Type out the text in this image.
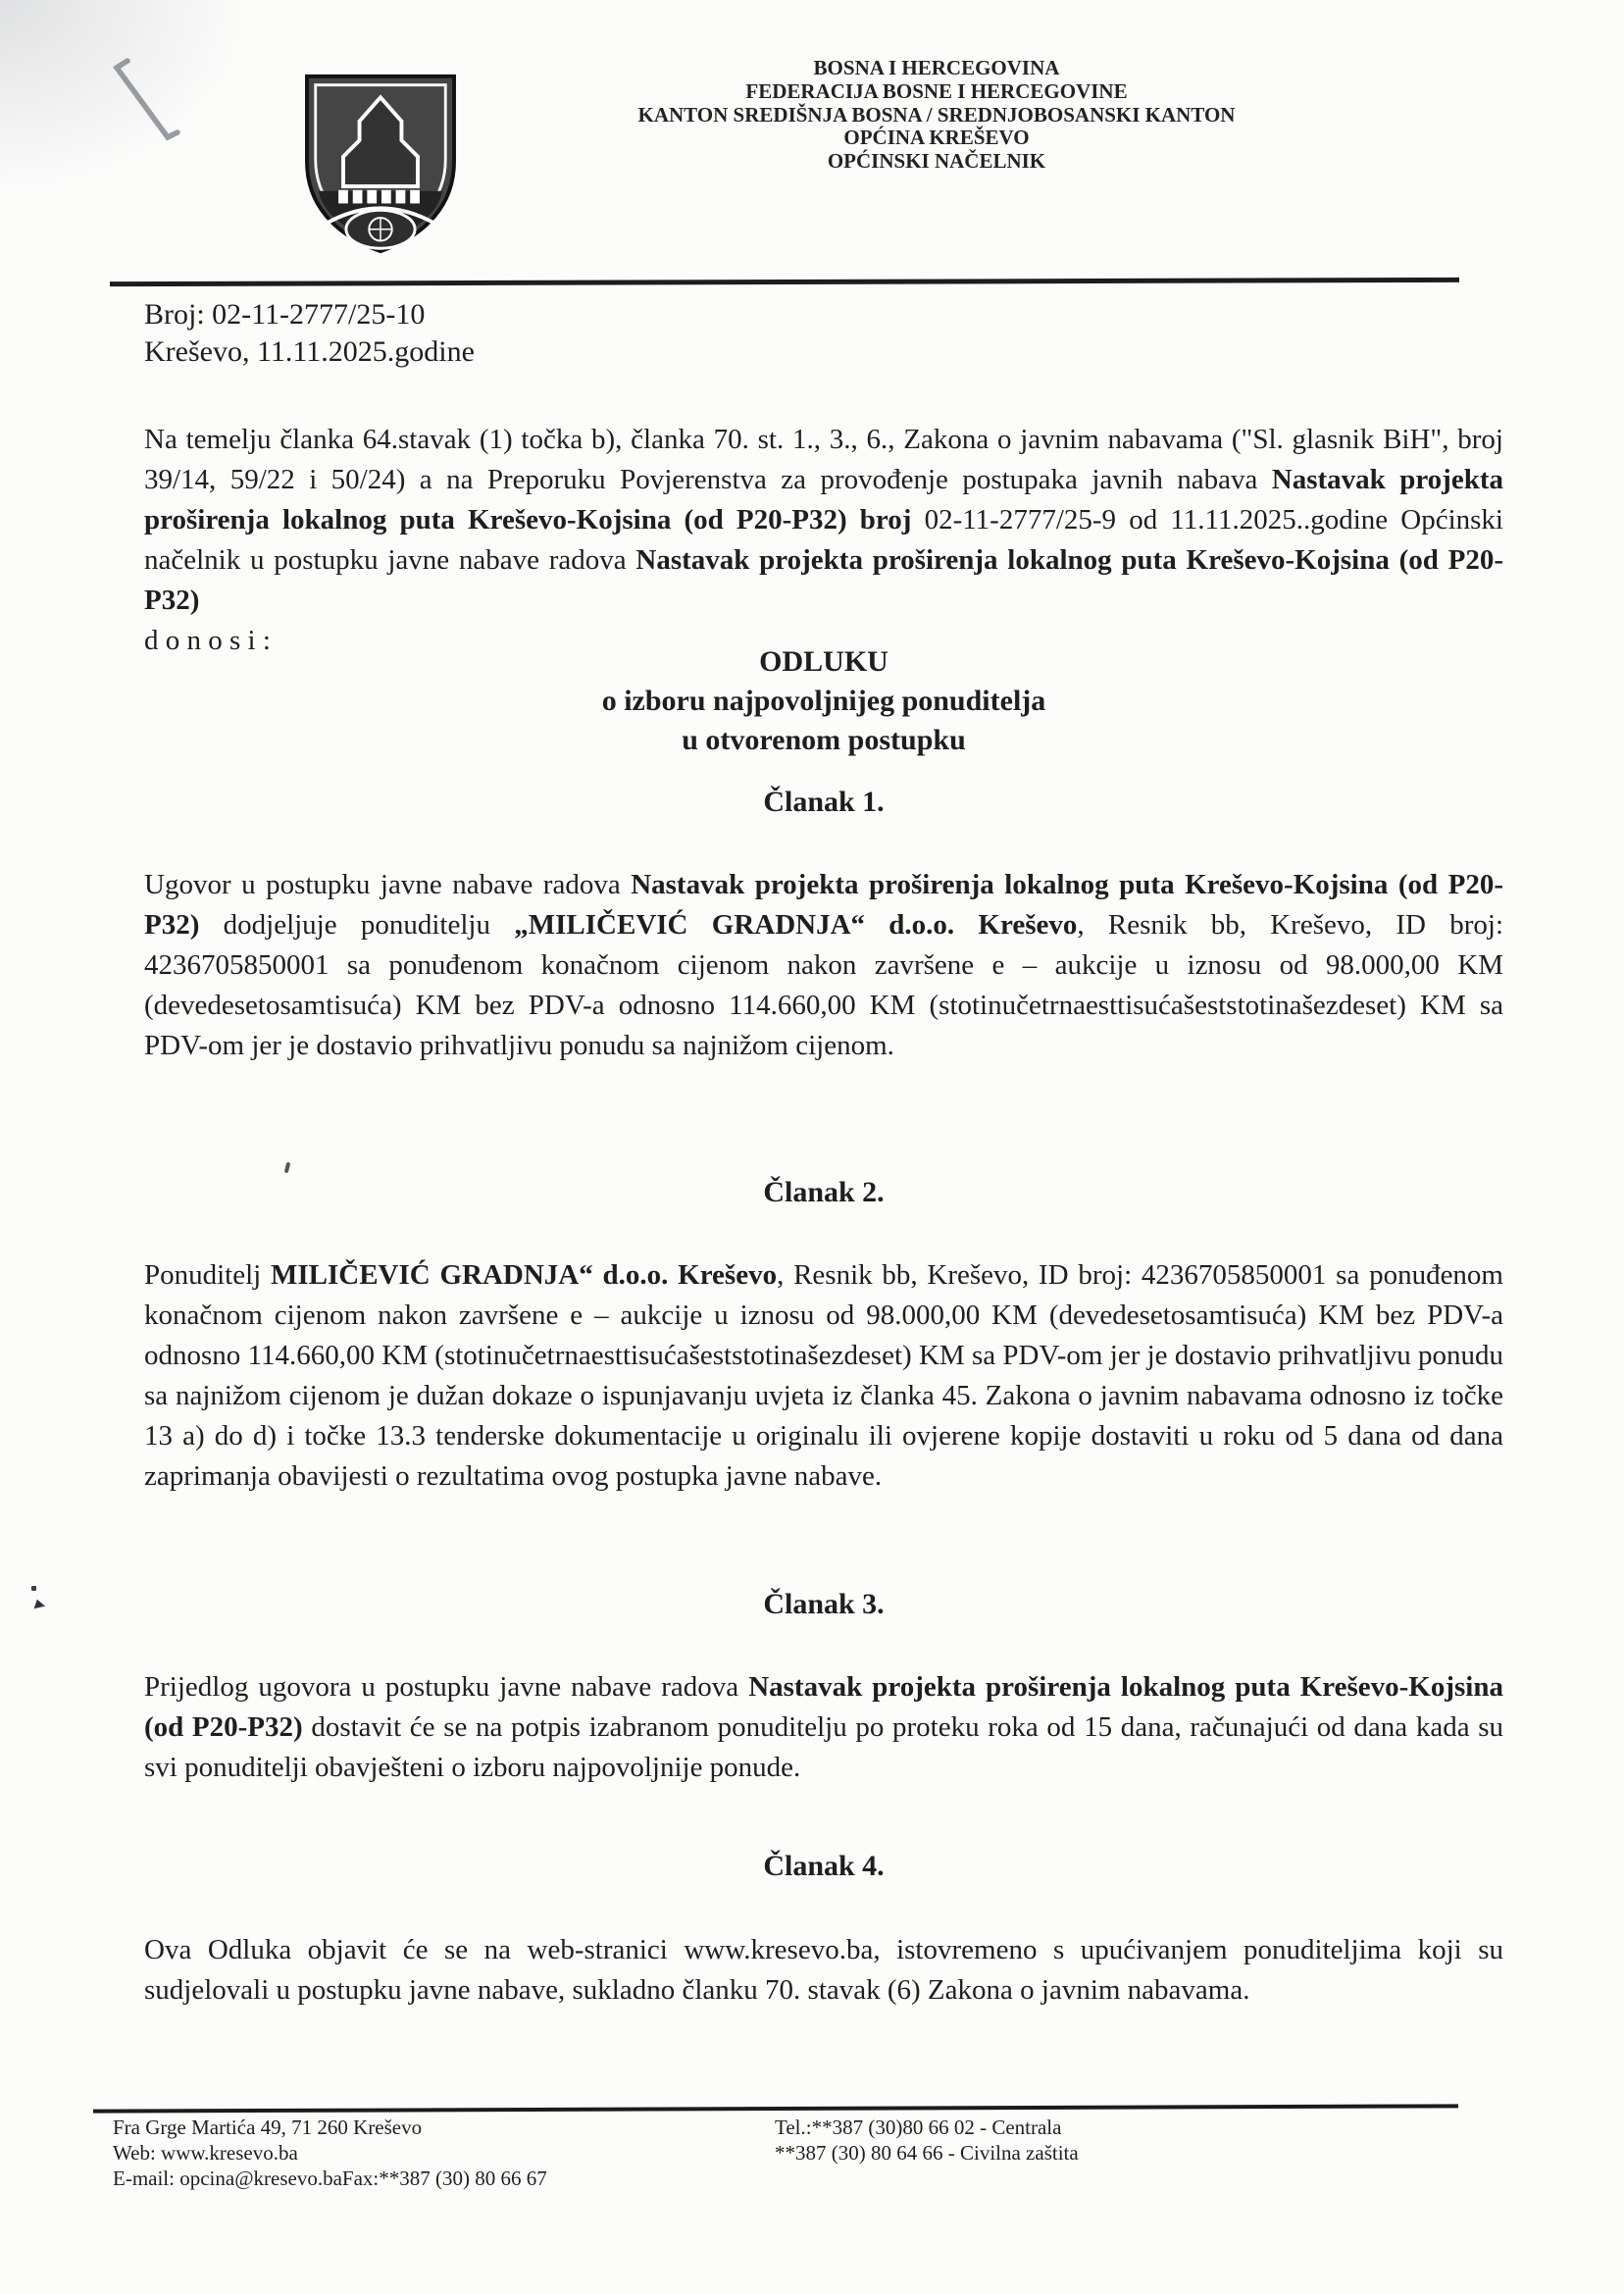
BOSNA I HERCEGOVINA
FEDERACIJA BOSNE I HERCEGOVINE
KANTON SREDIŠNJA BOSNA / SREDNJOBOSANSKI KANTON
OPĆINA KREŠEVO
OPĆINSKI NAČELNIK
Broj: 02-11-2777/25-10
Kreševo, 11.11.2025.godine

Na temelju članka 64.stavak (1) točka b), članka 70. st. 1., 3., 6., Zakona o javnim nabavama ("Sl. glasnik BiH", broj 39/14, 59/22 i 50/24) a na Preporuku Povjerenstva za provođenje postupaka javnih nabava Nastavak projekta proširenja lokalnog puta Kreševo-Kojsina (od P20-P32) broj 02-11-2777/25-9 od 11.11.2025..godine Općinski načelnik u postupku javne nabave radova Nastavak projekta proširenja lokalnog puta Kreševo-Kojsina (od P20-P32)

d o n o s i :
ODLUKU
o izboru najpovoljnijeg ponuditelja
u otvorenom postupku
Članak 1.

Ugovor u postupku javne nabave radova Nastavak projekta proširenja lokalnog puta Kreševo-Kojsina (od P20-P32) dodjeljuje ponuditelju „MILIČEVIĆ GRADNJA“ d.o.o. Kreševo, Resnik bb, Kreševo, ID broj: 4236705850001 sa ponuđenom konačnom cijenom nakon završene e – aukcije u iznosu od 98.000,00 KM (devedesetosamtisuća) KM bez PDV-a odnosno 114.660,00 KM (stotinučetrnaesttisućašeststotinašezdeset) KM sa PDV-om jer je dostavio prihvatljivu ponudu sa najnižom cijenom.

Članak 2.

Ponuditelj MILIČEVIĆ GRADNJA“ d.o.o. Kreševo, Resnik bb, Kreševo, ID broj: 4236705850001 sa ponuđenom konačnom cijenom nakon završene e – aukcije u iznosu od 98.000,00 KM (devedesetosamtisuća) KM bez PDV-a odnosno 114.660,00 KM (stotinučetrnaesttisućašeststotinašezdeset) KM sa PDV-om jer je dostavio prihvatljivu ponudu sa najnižom cijenom je dužan dokaze o ispunjavanju uvjeta iz članka 45. Zakona o javnim nabavama odnosno iz točke 13 a) do d) i točke 13.3 tenderske dokumentacije u originalu ili ovjerene kopije dostaviti u roku od 5 dana od dana zaprimanja obavijesti o rezultatima ovog postupka javne nabave.

Članak 3.

Prijedlog ugovora u postupku javne nabave radova Nastavak projekta proširenja lokalnog puta Kreševo-Kojsina (od P20-P32) dostavit će se na potpis izabranom ponuditelju po proteku roka od 15 dana, računajući od dana kada su svi ponuditelji obavješteni o izboru najpovoljnije ponude.

Članak 4.

Ova Odluka objavit će se na web-stranici www.kresevo.ba, istovremeno s upućivanjem ponuditeljima koji su sudjelovali u postupku javne nabave, sukladno članku 70. stavak (6) Zakona o javnim nabavama.

Fra Grge Martića 49, 71 260 Kreševo
Web: www.kresevo.ba
E-mail: opcina@kresevo.baFax:**387 (30) 80 66 67
Tel.:**387 (30)80 66 02 - Centrala
**387 (30) 80 64 66 - Civilna zaštita
